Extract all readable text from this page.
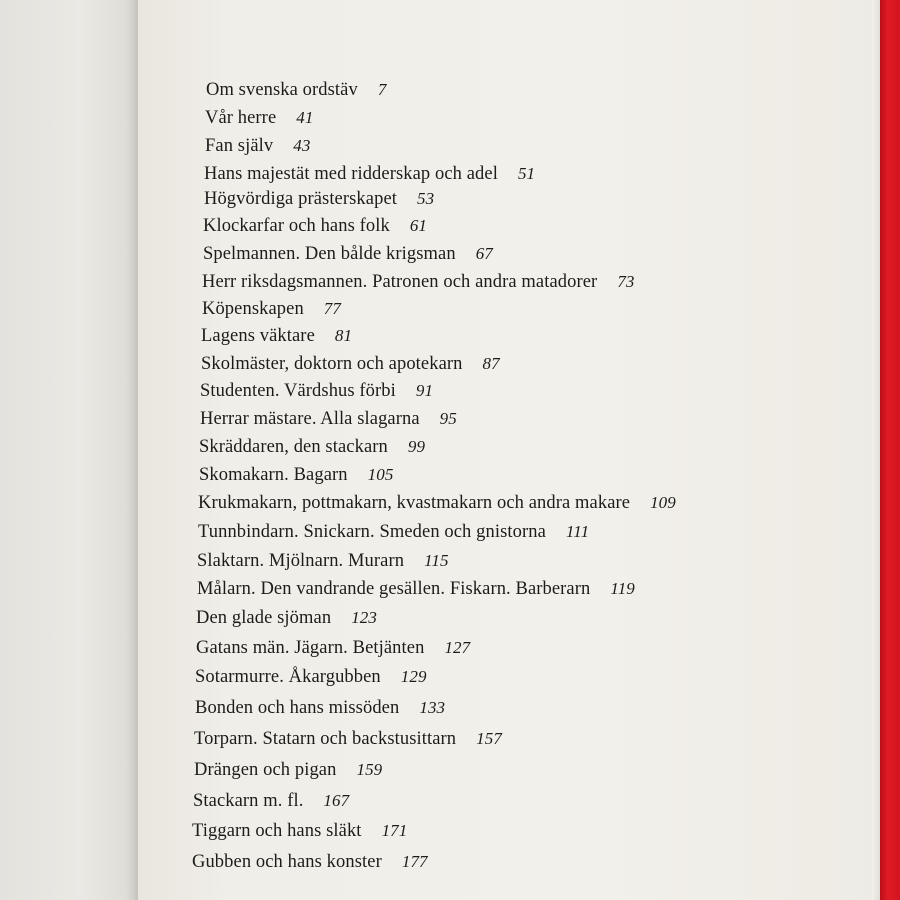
Om svenska ordstäv 7
Vår herre 41
Fan själv 43
Hans majestät med ridderskap och adel 51
Högvördiga prästerskapet 53
Klockarfar och hans folk 61
Spelmannen. Den bålde krigsman 67
Herr riksdagsmannen. Patronen och andra matadorer 73
Köpenskapen 77
Lagens väktare 81
Skolmäster, doktorn och apotekarn 87
Studenten. Värdshus förbi 91
Herrar mästare. Alla slagarna 95
Skräddaren, den stackarn 99
Skomakarn. Bagarn 105
Krukmakarn, pottmakarn, kvastmakarn och andra makare 109
Tunnbindarn. Snickarn. Smeden och gnistorna 111
Slaktarn. Mjölnarn. Murarn 115
Målarn. Den vandrande gesällen. Fiskarn. Barberarn 119
Den glade sjöman 123
Gatans män. Jägarn. Betjänten 127
Sotarmurre. Åkargubben 129
Bonden och hans missöden 133
Torparn. Statarn och backstusittarn 157
Drängen och pigan 159
Stackarn m. fl. 167
Tiggarn och hans släkt 171
Gubben och hans konster 177
